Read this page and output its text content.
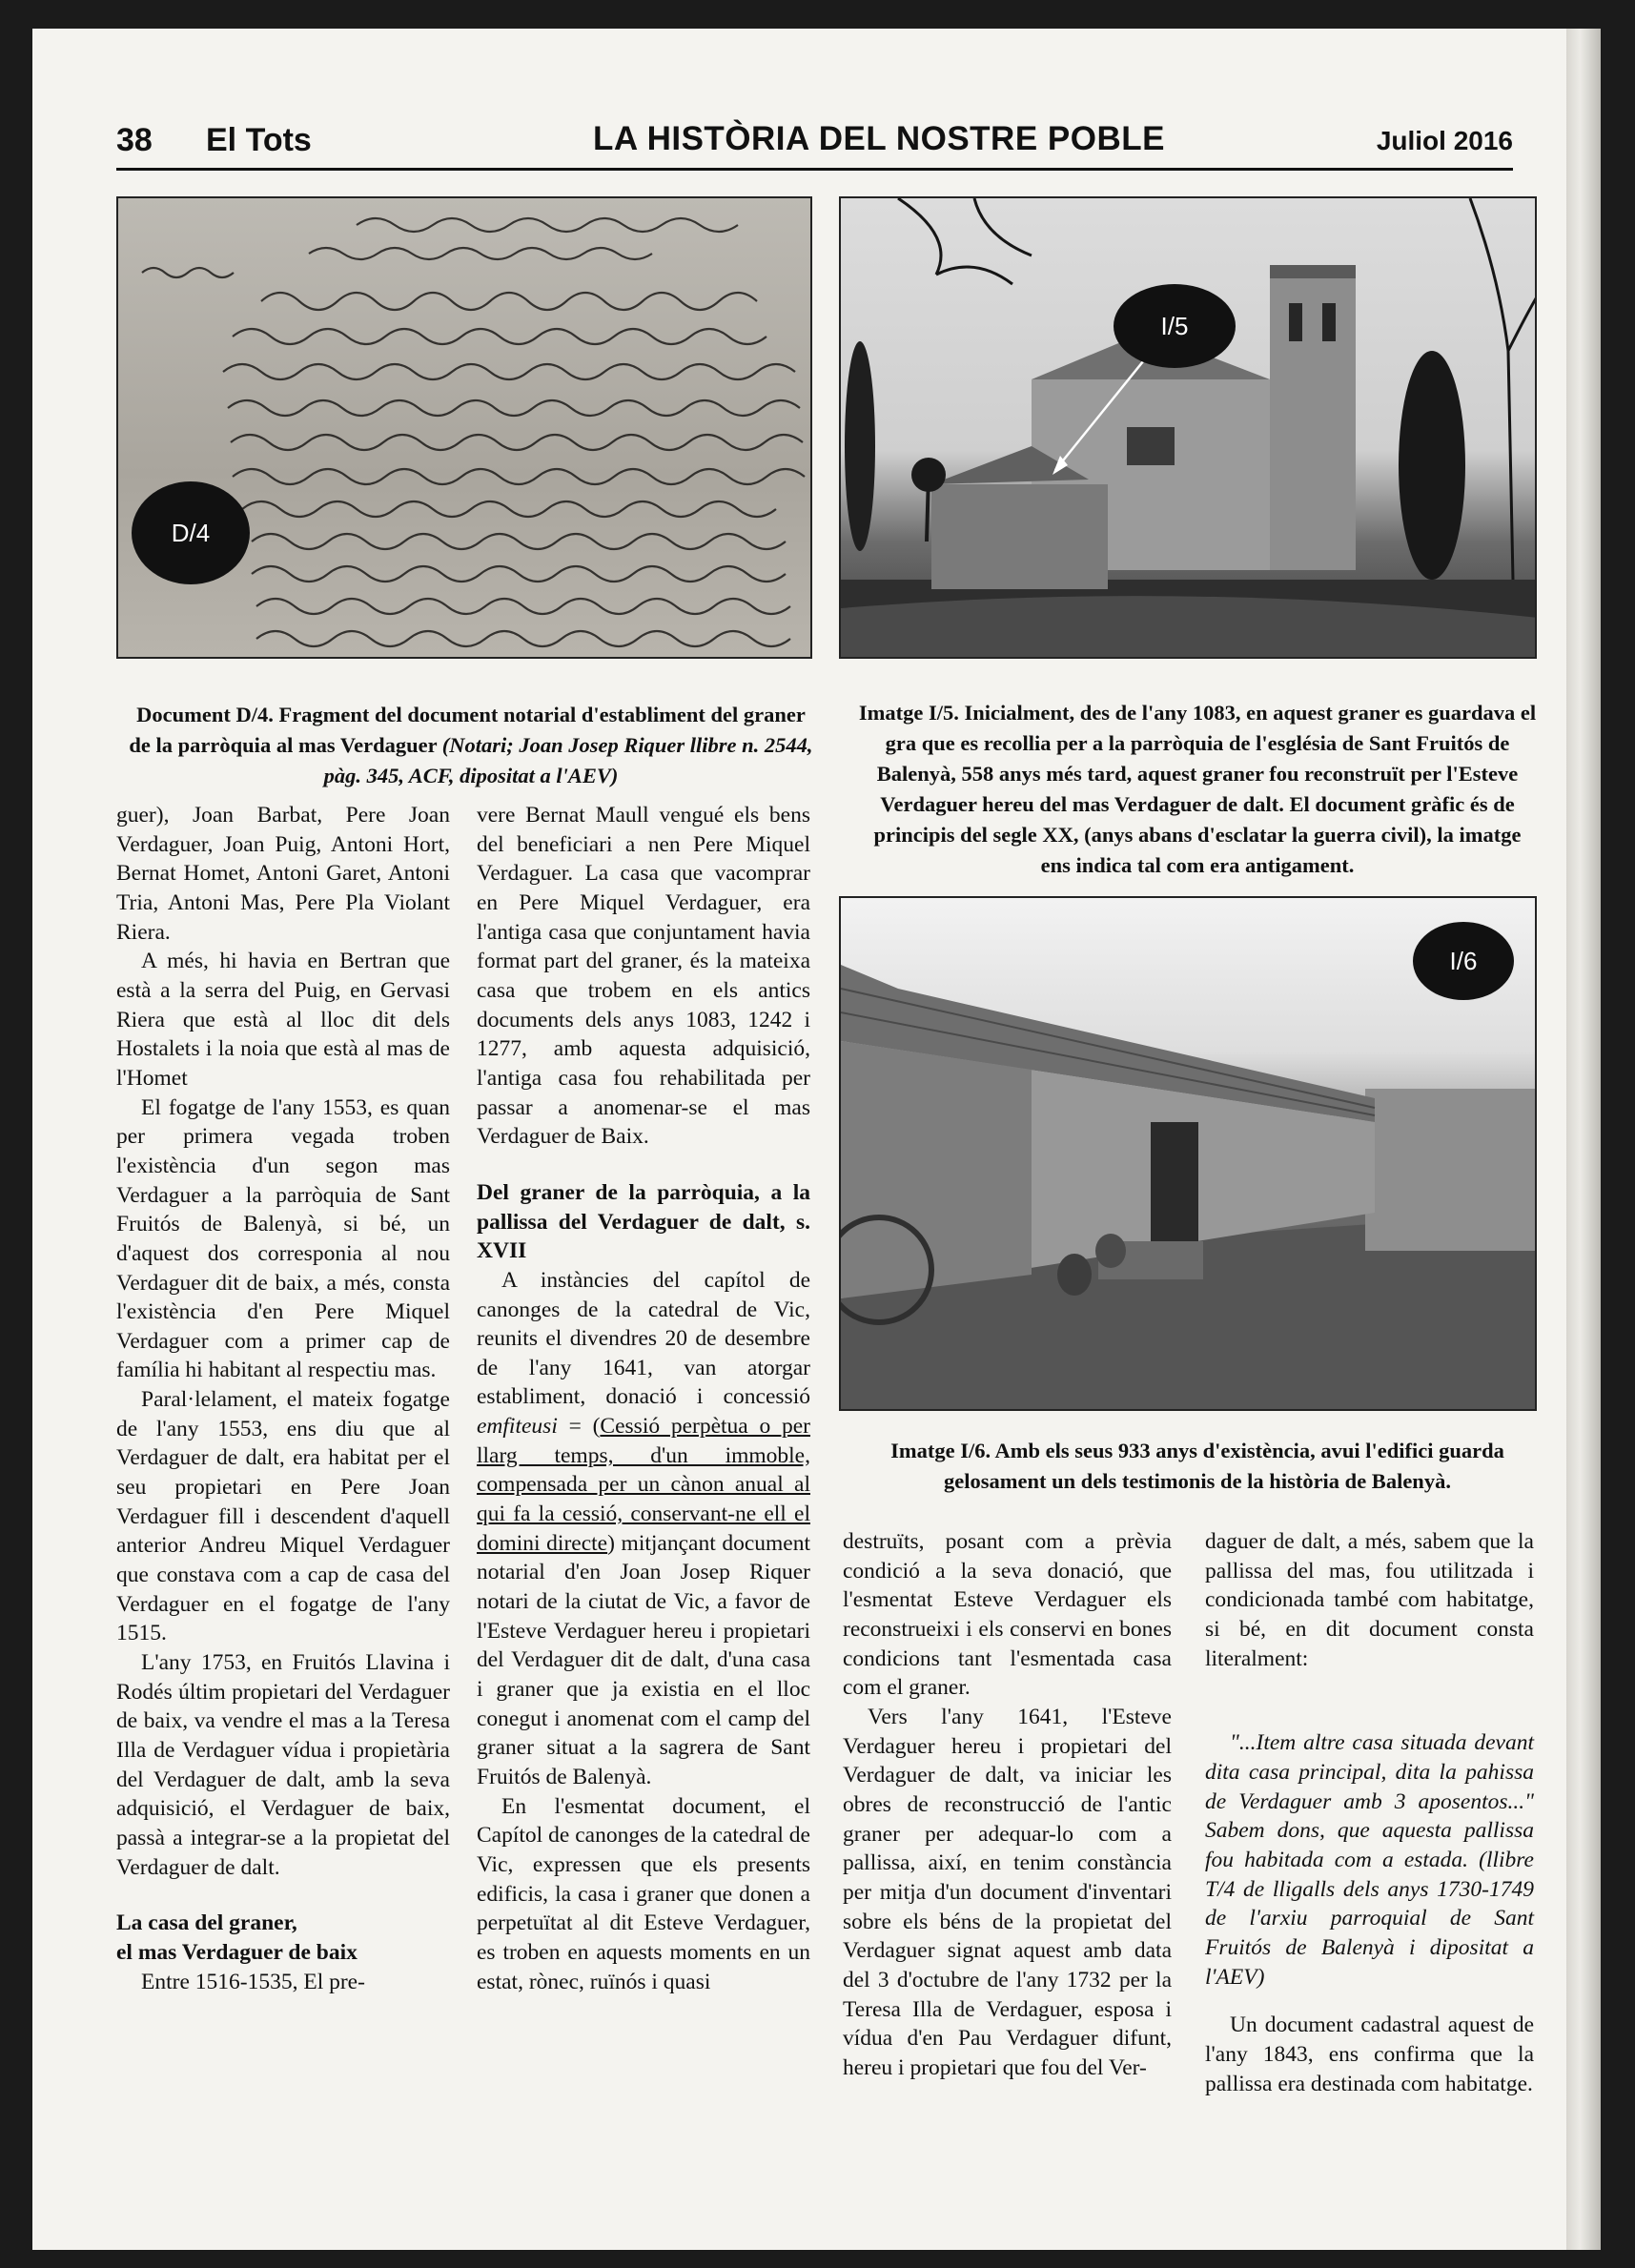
38 El Tots	LA HISTÒRIA DEL NOSTRE POBLE	Juliol 2016
D/4
I/5
Document D/4. Fragment del document notarial d'establiment del graner de la parròquia al mas Verdaguer (Notari; Joan Josep Riquer llibre n. 2544, pàg. 345, ACF, dipositat a l'AEV)
Imatge I/5. Inicialment, des de l'any 1083, en aquest graner es guardava el gra que es recollia per a la parròquia de l'església de Sant Fruitós de Balenyà, 558 anys més tard, aquest graner fou reconstruït per l'Esteve Verdaguer hereu del mas Verdaguer de dalt. El document gràfic és de principis del segle XX, (anys abans d'esclatar la guerra civil), la imatge ens indica tal com era antigament.
I/6
Imatge I/6. Amb els seus 933 anys d'existència, avui l'edifici guarda gelosament un dels testimonis de la història de Balenyà.

guer), Joan Barbat, Pere Joan Verdaguer, Joan Puig, Antoni Hort, Bernat Homet, Antoni Garet, Antoni Tria, Antoni Mas, Pere Pla Violant Riera.

A més, hi havia en Bertran que està a la serra del Puig, en Gervasi Riera que està al lloc dit dels Hostalets i la noia que està al mas de l'Homet

El fogatge de l'any 1553, es quan per primera vegada troben l'existència d'un segon mas Verdaguer a la parròquia de Sant Fruitós de Balenyà, si bé, un d'aquest dos corresponia al nou Verdaguer dit de baix, a més, consta l'existència d'en Pere Miquel Verdaguer com a primer cap de família hi habitant al respectiu mas.

Paral·lelament, el mateix fogatge de l'any 1553, ens diu que al Verdaguer de dalt, era habitat per el seu propietari en Pere Joan Verdaguer fill i descendent d'aquell anterior Andreu Miquel Verdaguer que constava com a cap de casa del Verdaguer en el fogatge de l'any 1515.

L'any 1753, en Fruitós Llavina i Rodés últim propietari del Verdaguer de baix, va vendre el mas a la Teresa Illa de Verdaguer vídua i propietària del Verdaguer de dalt, amb la seva adquisició, el Verdaguer de baix, passà a integrar-se a la propietat del Verdaguer de dalt.

La casa del graner,
el mas Verdaguer de baix

Entre 1516-1535, El pre-

vere Bernat Maull vengué els bens del beneficiari a nen Pere Miquel Verdaguer. La casa que vacomprar en Pere Miquel Verdaguer, era l'antiga casa que conjuntament havia format part del graner, és la mateixa casa que trobem en els antics documents dels anys 1083, 1242 i 1277, amb aquesta adquisició, l'antiga casa fou rehabilitada per passar a anomenar-se el mas Verdaguer de Baix.

Del graner de la parròquia, a la pallissa del Verdaguer de dalt, s. XVII

A instàncies del capítol de canonges de la catedral de Vic, reunits el divendres 20 de desembre de l'any 1641, van atorgar establiment, donació i concessió emfiteusi = (Cessió perpètua o per llarg temps, d'un immoble, compensada per un cànon anual al qui fa la cessió, conservant-ne ell el domini directe) mitjançant document notarial d'en Joan Josep Riquer notari de la ciutat de Vic, a favor de l'Esteve Verdaguer hereu i propietari del Verdaguer dit de dalt, d'una casa i graner que ja existia en el lloc conegut i anomenat com el camp del graner situat a la sagrera de Sant Fruitós de Balenyà.

En l'esmentat document, el Capítol de canonges de la catedral de Vic, expressen que els presents edificis, la casa i graner que donen a perpetuïtat al dit Esteve Verdaguer, es troben en aquests moments en un estat, rònec, ruïnós i quasi

destruïts, posant com a prèvia condició a la seva donació, que l'esmentat Esteve Verdaguer els reconstrueixi i els conservi en bones condicions tant l'esmentada casa com el graner.

Vers l'any 1641, l'Esteve Verdaguer hereu i propietari del Verdaguer de dalt, va iniciar les obres de reconstrucció de l'antic graner per adequar-lo com a pallissa, així, en tenim constància per mitja d'un document d'inventari sobre els béns de la propietat del Verdaguer signat aquest amb data del 3 d'octubre de l'any 1732 per la Teresa Illa de Verdaguer, esposa i vídua d'en Pau Verdaguer difunt, hereu i propietari que fou del Ver-

daguer de dalt, a més, sabem que la pallissa del mas, fou utilitzada i condicionada també com habitatge, si bé, en dit document consta literalment:

"...Item altre casa situada devant dita casa principal, dita la pahissa de Verdaguer amb 3 aposentos..." Sabem dons, que aquesta pallissa fou habitada com a estada. (llibre T/4 de lligalls dels anys 1730-1749 de l'arxiu parroquial de Sant Fruitós de Balenyà i dipositat a l'AEV)

Un document cadastral aquest de l'any 1843, ens confirma que la pallissa era destinada com habitatge.
